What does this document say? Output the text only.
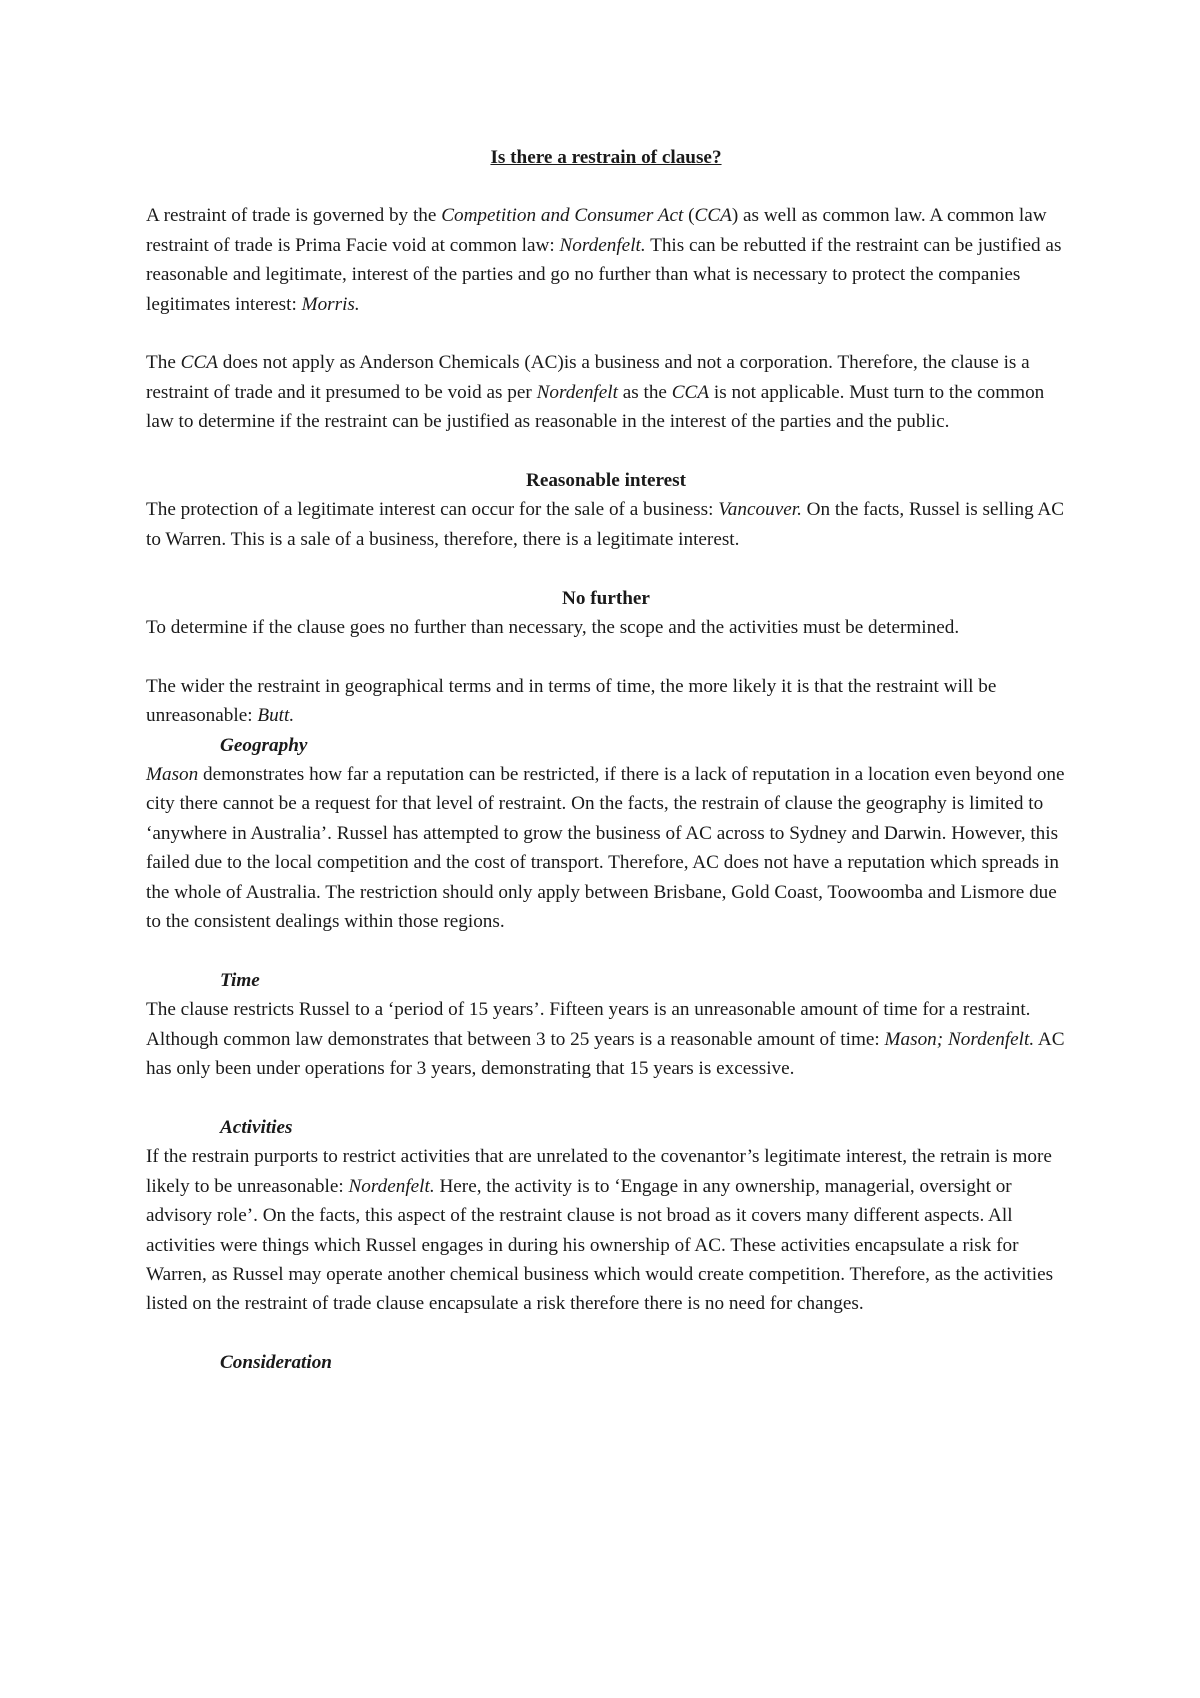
Is there a restrain of clause?

A restraint of trade is governed by the Competition and Consumer Act (CCA) as well as common law. A common law restraint of trade is Prima Facie void at common law: Nordenfelt. This can be rebutted if the restraint can be justified as reasonable and legitimate, interest of the parties and go no further than what is necessary to protect the companies legitimates interest: Morris.

The CCA does not apply as Anderson Chemicals (AC)is a business and not a corporation. Therefore, the clause is a restraint of trade and it presumed to be void as per Nordenfelt as the CCA is not applicable. Must turn to the common law to determine if the restraint can be justified as reasonable in the interest of the parties and the public.

Reasonable interest

The protection of a legitimate interest can occur for the sale of a business: Vancouver. On the facts, Russel is selling AC to Warren. This is a sale of a business, therefore, there is a legitimate interest.

No further

To determine if the clause goes no further than necessary, the scope and the activities must be determined.

The wider the restraint in geographical terms and in terms of time, the more likely it is that the restraint will be unreasonable: Butt.

Geography

Mason demonstrates how far a reputation can be restricted, if there is a lack of reputation in a location even beyond one city there cannot be a request for that level of restraint. On the facts, the restrain of clause the geography is limited to ‘anywhere in Australia’. Russel has attempted to grow the business of AC across to Sydney and Darwin. However, this failed due to the local competition and the cost of transport. Therefore, AC does not have a reputation which spreads in the whole of Australia. The restriction should only apply between Brisbane, Gold Coast, Toowoomba and Lismore due to the consistent dealings within those regions.

Time

The clause restricts Russel to a ‘period of 15 years’. Fifteen years is an unreasonable amount of time for a restraint. Although common law demonstrates that between 3 to 25 years is a reasonable amount of time: Mason; Nordenfelt. AC has only been under operations for 3 years, demonstrating that 15 years is excessive.

Activities

If the restrain purports to restrict activities that are unrelated to the covenantor’s legitimate interest, the retrain is more likely to be unreasonable: Nordenfelt. Here, the activity is to ‘Engage in any ownership, managerial, oversight or advisory role’. On the facts, this aspect of the restraint clause is not broad as it covers many different aspects. All activities were things which Russel engages in during his ownership of AC. These activities encapsulate a risk for Warren, as Russel may operate another chemical business which would create competition. Therefore, as the activities listed on the restraint of trade clause encapsulate a risk therefore there is no need for changes.

Consideration
